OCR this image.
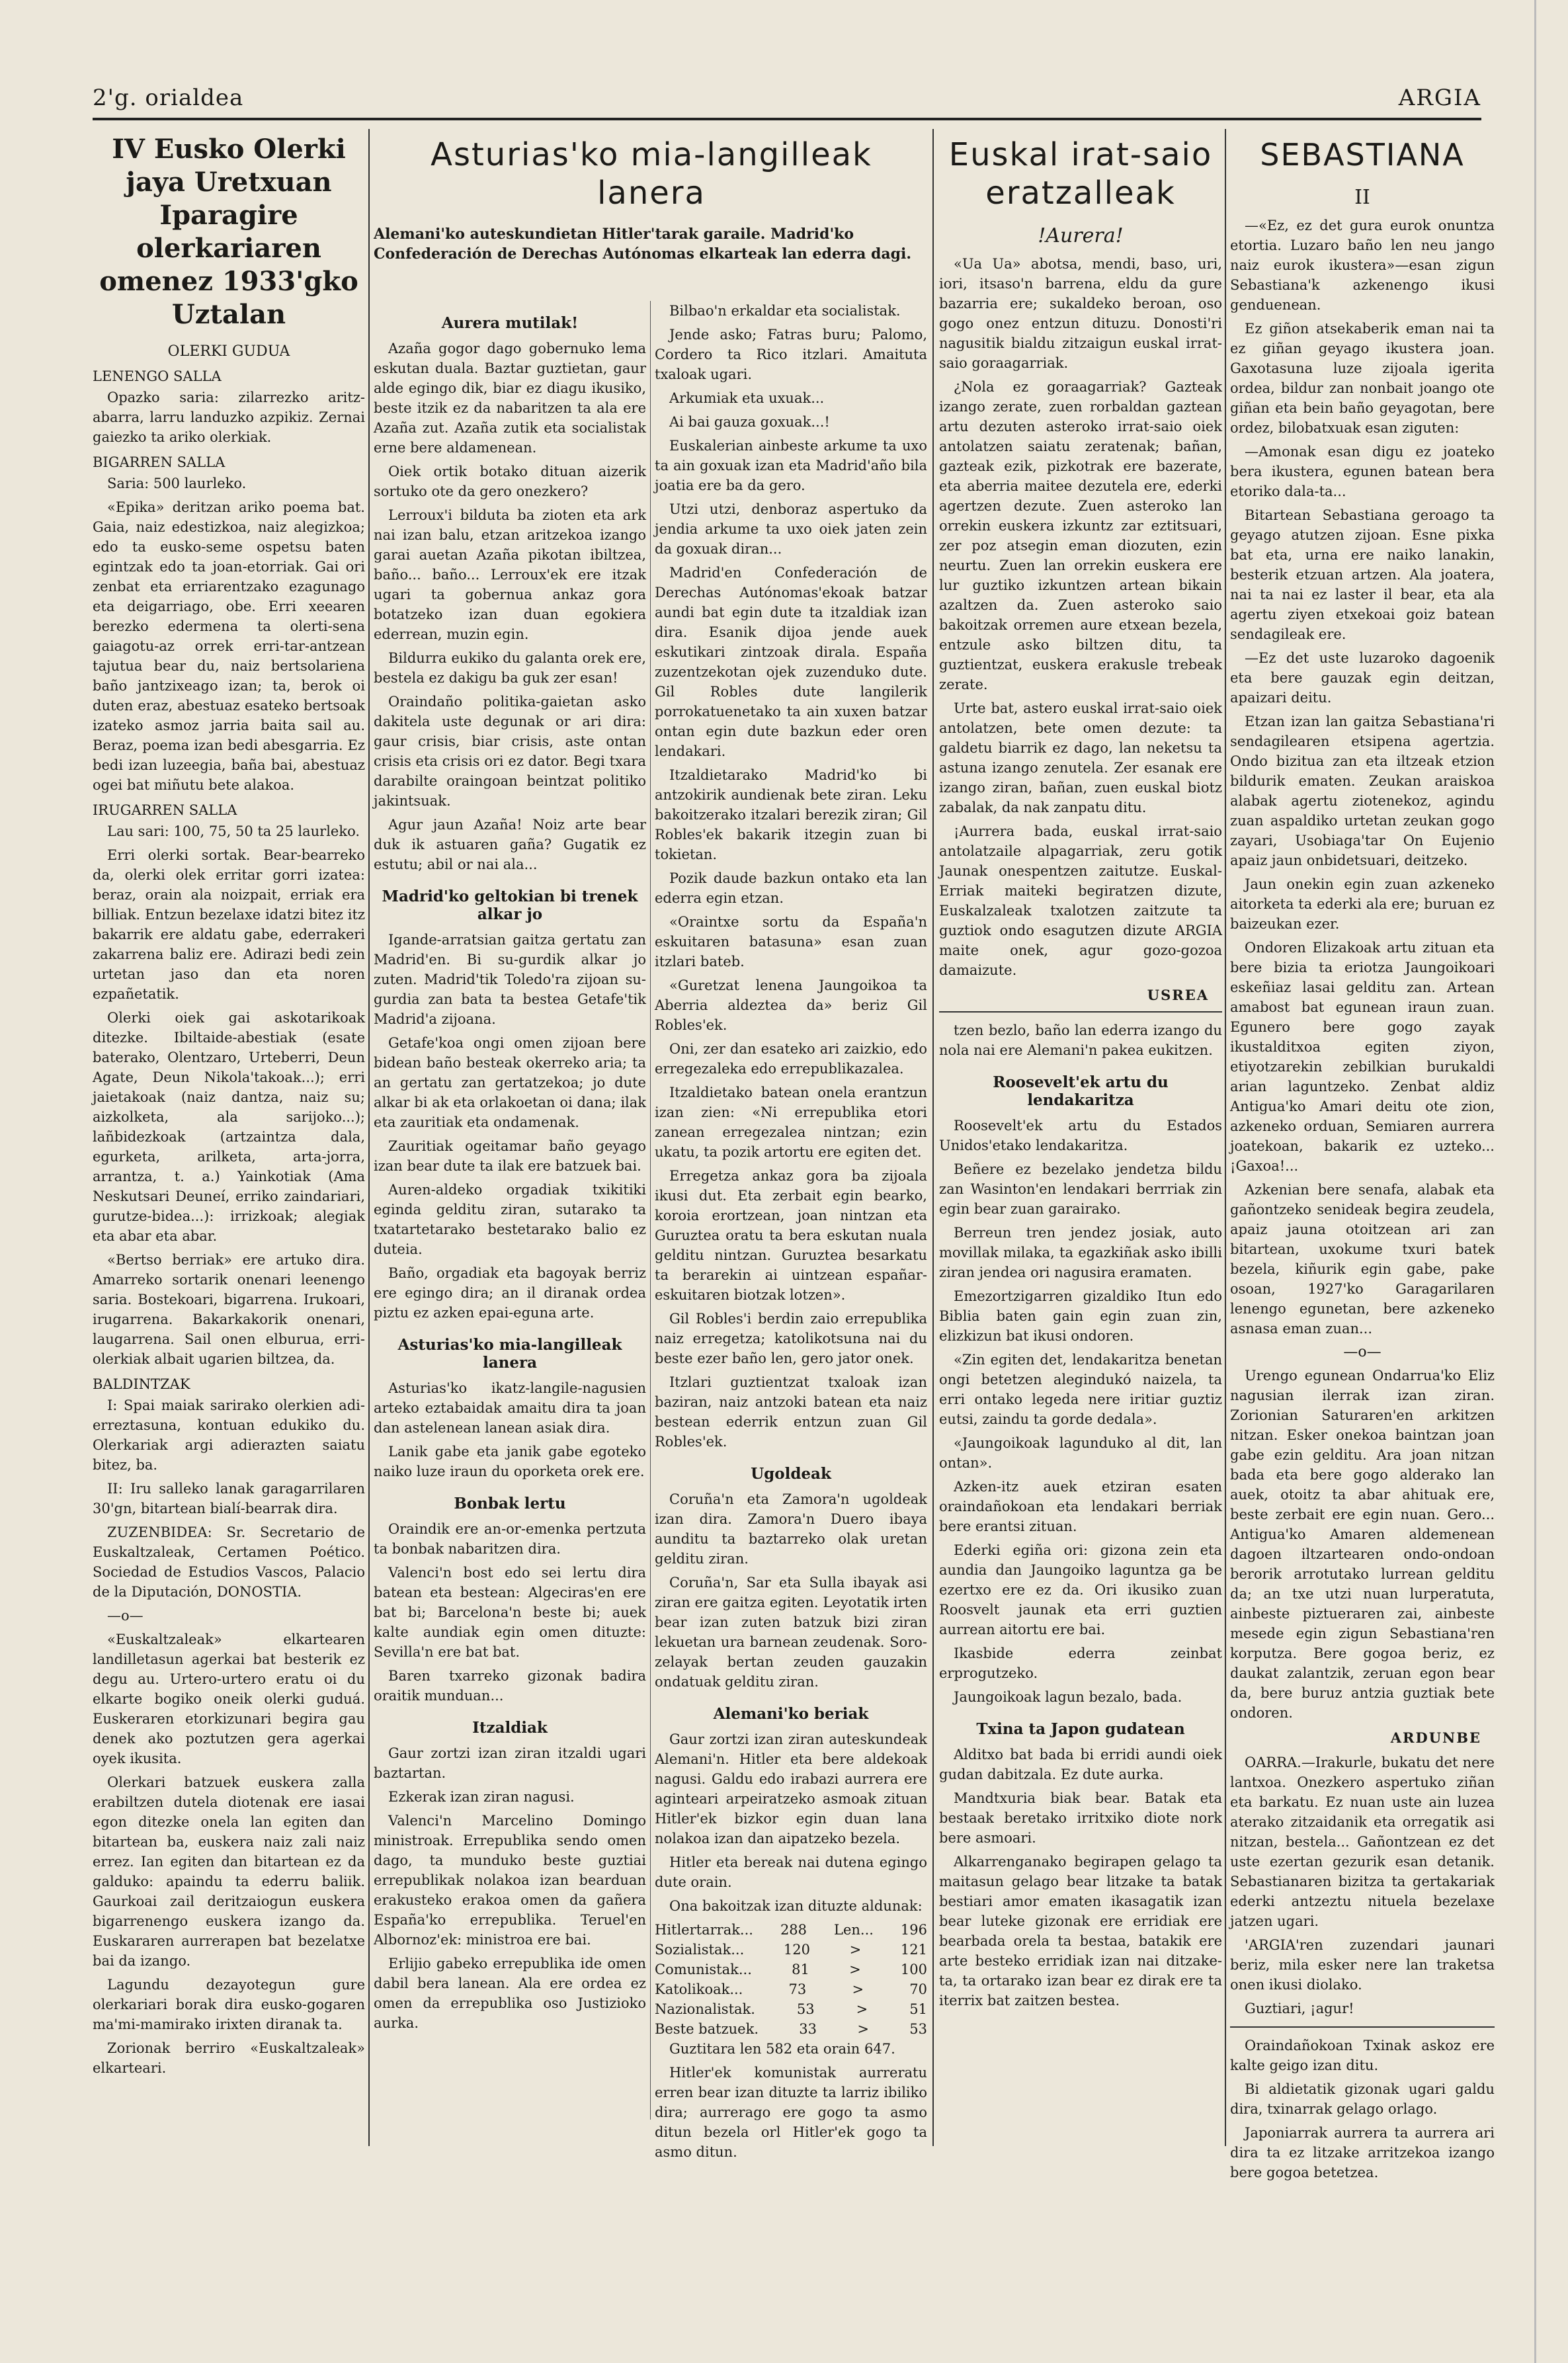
2'g. orialdea	ARGIA
IV Eusko Olerki jaya Uretxuan Iparagire olerkariaren omenez 1933'gko Uztalan
OLERKI GUDUA
LENENGO SALLA
Opazko saria: zilarrezko aritz-abarra, larru landuzko azpikiz. Zernai gaiezko ta ariko olerkiak.
BIGARREN SALLA
Saria: 500 laurleko.
«Epika» deritzan ariko poema bat. Gaia, naiz edestizkoa, naiz alegizkoa; edo ta eusko-seme ospetsu baten egintzak edo ta joan-etorriak. Gai ori zenbat eta erriarentzako ezagunago eta deigarriago, obe. Erri xeearen berezko edermena ta olerti-sena gaiagotu-az orrek erri-tar-antzean tajutua bear du, naiz bertsolariena baño jantzixeago izan; ta, berok oi duten eraz, abestuaz esateko bertsoak izateko asmoz jarria baita sail au. Beraz, poema izan bedi abesgarria. Ez bedi izan luzeegia, baña bai, abestuaz ogei bat miñutu bete alakoa.
IRUGARREN SALLA
Lau sari: 100, 75, 50 ta 25 laurleko.
Erri olerki sortak. Bear-bearreko da, olerki olek erritar gorri izatea: beraz, orain ala noizpait, erriak era billiak. Entzun bezelaxe idatzi bitez itz bakarrik ere aldatu gabe, ederrakeri zakarrena baliz ere. Adirazi bedi zein urtetan jaso dan eta noren ezpañetatik.
Olerki oiek gai askotarikoak ditezke. Ibiltaide-abestiak (esate baterako, Olentzaro, Urteberri, Deun Agate, Deun Nikola'takoak...); erri jaietakoak (naiz dantza, naiz su; aizkolketa, ala sarijoko...); lañbidezkoak (artzaintza dala, egurketa, arilketa, arta-jorra, arrantza, t. a.) Yainkotiak (Ama Neskutsari Deuneí, erriko zaindariari, gurutze-bidea...): irrizkoak; alegiak eta abar eta abar.
«Bertso berriak» ere artuko dira. Amarreko sortarik onenari leenengo saria. Bostekoari, bigarrena. Irukoari, irugarrena. Bakarkakorik onenari, laugarrena. Sail onen elburua, erri-olerkiak albait ugarien biltzea, da.
BALDINTZAK
I: Spai maiak sarirako olerkien adi-erreztasuna, kontuan edukiko du. Olerkariak argi adierazten saiatu bitez, ba.
II: Iru salleko lanak garagarrilaren 30'gn, bitartean bialí-bearrak dira.
ZUZENBIDEA: Sr. Secretario de Euskaltzaleak, Certamen Poético. Sociedad de Estudios Vascos, Palacio de la Diputación, DONOSTIA.
—o—
«Euskaltzaleak» elkartearen landilletasun agerkai bat besterik ez degu au. Urtero-urtero eratu oi du elkarte bogiko oneik olerki guduá. Euskeraren etorkizunari begira gau denek ako poztutzen gera agerkai oyek ikusita.
Olerkari batzuek euskera zalla erabiltzen dutela diotenak ere iasai egon ditezke onela lan egiten dan bitartean ba, euskera naiz zali naiz errez. Ian egiten dan bitartean ez da galduko: apaindu ta ederru baliik. Gaurkoai zail deritzaiogun euskera bigarrenengo euskera izango da. Euskararen aurrerapen bat bezelatxe bai da izango.
Lagundu dezayotegun gure olerkariari borak dira eusko-gogaren ma'mi-mamirako irixten diranak ta.
Zorionak berriro «Euskaltzaleak» elkarteari.
Asturias'ko mia-langilleak lanera
Alemani'ko auteskundietan Hitler'tarak garaile. Madrid'ko Confederación de Derechas Autónomas elkarteak lan ederra dagi.
Aurera mutilak!
Azaña gogor dago gobernuko lema eskutan duala. Baztar guztietan, gaur alde egingo dik, biar ez diagu ikusiko, beste itzik ez da nabaritzen ta ala ere Azaña zut. Azaña zutik eta socialistak erne bere aldamenean.
Oiek ortik botako dituan aizerik sortuko ote da gero onezkero?
Lerroux'i bilduta ba zioten eta ark nai izan balu, etzan aritzekoa izango garai auetan Azaña pikotan ibiltzea, baño... baño... Lerroux'ek ere itzak ugari ta gobernua ankaz gora botatzeko izan duan egokiera ederrean, muzin egin.
Bildurra eukiko du galanta orek ere, bestela ez dakigu ba guk zer esan!
Oraindaño politika-gaietan asko dakitela uste degunak or ari dira: gaur crisis, biar crisis, aste ontan crisis eta crisis ori ez dator. Begi txara darabilte oraingoan beintzat politiko jakintsuak.
Agur jaun Azaña! Noiz arte bear duk ik astuaren gaña? Gugatik ez estutu; abil or nai ala...
Madrid'ko geltokian bi trenek alkar jo
Igande-arratsian gaitza gertatu zan Madrid'en. Bi su-gurdik alkar jo zuten. Madrid'tik Toledo'ra zijoan su-gurdia zan bata ta bestea Getafe'tik Madrid'a zijoana.
Getafe'koa ongi omen zijoan bere bidean baño besteak okerreko aria; ta an gertatu zan gertatzekoa; jo dute alkar bi ak eta orlakoetan oi dana; ilak eta zauritiak eta ondamenak.
Zauritiak ogeitamar baño geyago izan bear dute ta ilak ere batzuek bai.
Auren-aldeko orgadiak txikitiki eginda gelditu ziran, sutarako ta txatartetarako bestetarako balio ez duteia.
Baño, orgadiak eta bagoyak berriz ere egingo dira; an il diranak ordea piztu ez azken epai-eguna arte.
Asturias'ko mia-langilleak lanera
Asturias'ko ikatz-langile-nagusien arteko eztabaidak amaitu dira ta joan dan astelenean lanean asiak dira.
Lanik gabe eta janik gabe egoteko naiko luze iraun du oporketa orek ere.
Bonbak lertu
Oraindik ere an-or-emenka pertzuta ta bonbak nabaritzen dira.
Valenci'n bost edo sei lertu dira batean eta bestean: Algeciras'en ere bat bi; Barcelona'n beste bi; auek kalte aundiak egin omen dituzte: Sevilla'n ere bat bat.
Baren txarreko gizonak badira oraitik munduan...
Itzaldiak
Gaur zortzi izan ziran itzaldi ugari baztartan.
Ezkerak izan ziran nagusi.
Valenci'n Marcelino Domingo ministroak. Errepublika sendo omen dago, ta munduko beste guztiai errepublikak nolakoa izan bearduan erakusteko erakoa omen da gañera España'ko errepublika. Teruel'en Albornoz'ek: ministroa ere bai.
Erlijio gabeko errepublika ide omen dabil bera lanean. Ala ere ordea ez omen da errepublika oso Justizioko aurka.
Bilbao'n erkaldar eta socialistak.
Jende asko; Fatras buru; Palomo, Cordero ta Rico itzlari. Amaituta txaloak ugari.
Arkumiak eta uxuak...
Ai bai gauza goxuak...!
Euskalerian ainbeste arkume ta uxo ta ain goxuak izan eta Madrid'año bila joatia ere ba da gero.
Utzi utzi, denboraz aspertuko da jendia arkume ta uxo oiek jaten zein da goxuak diran...
Madrid'en Confederación de Derechas Autónomas'ekoak batzar aundi bat egin dute ta itzaldiak izan dira. Esanik dijoa jende auek eskutikari zintzoak dirala. España zuzentzekotan ojek zuzenduko dute. Gil Robles dute langilerik porrokatuenetako ta ain xuxen batzar ontan egin dute bazkun eder oren lendakari.
Itzaldietarako Madrid'ko bi antzokirik aundienak bete ziran. Leku bakoitzerako itzalari berezik ziran; Gil Robles'ek bakarik itzegin zuan bi tokietan.
Pozik daude bazkun ontako eta lan ederra egin etzan.
«Oraintxe sortu da España'n eskuitaren batasuna» esan zuan itzlari bateb.
«Guretzat lenena Jaungoikoa ta Aberria aldeztea da» beriz Gil Robles'ek.
Oni, zer dan esateko ari zaizkio, edo erregezaleka edo errepublikazalea.
Itzaldietako batean onela erantzun izan zien: «Ni errepublika etori zanean erregezalea nintzan; ezin ukatu, ta pozik artortu ere egiten det.
Erregetza ankaz gora ba zijoala ikusi dut. Eta zerbait egin bearko, koroia erortzean, joan nintzan eta Guruztea oratu ta bera eskutan nuala gelditu nintzan. Guruztea besarkatu ta berarekin ai uintzean españar-eskuitaren biotzak lotzen».
Gil Robles'i berdin zaio errepublika naiz erregetza; katolikotsuna nai du beste ezer baño len, gero jator onek.
Itzlari guztientzat txaloak izan baziran, naiz antzoki batean eta naiz bestean ederrik entzun zuan Gil Robles'ek.
Ugoldeak
Coruña'n eta Zamora'n ugoldeak izan dira. Zamora'n Duero ibaya aunditu ta baztarreko olak uretan gelditu ziran.
Coruña'n, Sar eta Sulla ibayak asi ziran ere gaitza egiten. Leyotatik irten bear izan zuten batzuk bizi ziran lekuetan ura barnean zeudenak. Soro-zelayak bertan zeuden gauzakin ondatuak gelditu ziran.
Alemani'ko beriak
Gaur zortzi izan ziran auteskundeak Alemani'n. Hitler eta bere aldekoak nagusi. Galdu edo irabazi aurrera ere aginteari arpeiratzeko asmoak zituan Hitler'ek bizkor egin duan lana nolakoa izan dan aipatzeko bezela.
Hitler eta bereak nai dutena egingo dute orain.
Ona bakoitzak izan dituzte aldunak:
Hitlertarrak... 288 Len... 196
Sozialistak...	120	>	121
Comunistak...	81	>	100
Katolikoak...	73	>	70
Nazionalistak.	53	>	51
Beste batzuek.	33	>	53
Guztitara len 582 eta orain 647.
Hitler'ek komunistak aurreratu erren bear izan dituzte ta larriz ibiliko dira; aurrerago ere gogo ta asmo ditun bezela orl Hitler'ek gogo ta asmo ditun.
Euskal irat-saio eratzalleak
!Aurera!
«Ua Ua» abotsa, mendi, baso, uri, iori, itsaso'n barrena, eldu da gure bazarria ere; sukaldeko beroan, oso gogo onez entzun dituzu. Donosti'ri nagusitik bialdu zitzaigun euskal irrat-saio goraagarriak.
¿Nola ez goraagarriak? Gazteak izango zerate, zuen rorbaldan gaztean artu dezuten asteroko irrat-saio oiek antolatzen saiatu zeratenak; bañan, gazteak ezik, pizkotrak ere bazerate, eta aberria maitee dezutela ere, ederki agertzen dezute. Zuen asteroko lan orrekin euskera izkuntz zar eztitsuari, zer poz atsegin eman diozuten, ezin neurtu. Zuen lan orrekin euskera ere lur guztiko izkuntzen artean bikain azaltzen da. Zuen asteroko saio bakoitzak orremen aure etxean bezela, entzule asko biltzen ditu, ta guztientzat, euskera erakusle trebeak zerate.
Urte bat, astero euskal irrat-saio oiek antolatzen, bete omen dezute: ta galdetu biarrik ez dago, lan neketsu ta astuna izango zenutela. Zer esanak ere izango ziran, bañan, zuen euskal biotz zabalak, da nak zanpatu ditu.
¡Aurrera bada, euskal irrat-saio antolatzaile alpagarriak, zeru gotik Jaunak onespentzen zaitutze. Euskal-Erriak maiteki begiratzen dizute, Euskalzaleak txalotzen zaitzute ta guztiok ondo esagutzen dizute ARGIA maite onek, agur gozo-gozoa damaizute.
USREA
tzen bezlo, baño lan ederra izango du nola nai ere Alemani'n pakea eukitzen.
Roosevelt'ek artu du lendakaritza
Roosevelt'ek artu du Estados Unidos'etako lendakaritza.
Beñere ez bezelako jendetza bildu zan Wasinton'en lendakari berrriak zin egin bear zuan garairako.
Berreun tren jendez josiak, auto movillak milaka, ta egazkiñak asko ibilli ziran jendea ori nagusira eramaten.
Emezortzigarren gizaldiko Itun edo Biblia baten gain egin zuan zin, elizkizun bat ikusi ondoren.
«Zin egiten det, lendakaritza benetan ongi betetzen alegindukó naizela, ta erri ontako legeda nere iritiar guztiz eutsi, zaindu ta gorde dedala».
«Jaungoikoak lagunduko al dit, lan ontan».
Azken-itz auek etziran esaten oraindañokoan eta lendakari berriak bere erantsi zituan.
Ederki egiña ori: gizona zein eta aundia dan Jaungoiko laguntza ga be ezertxo ere ez da. Ori ikusiko zuan Roosvelt jaunak eta erri guztien aurrean aitortu ere bai.
Ikasbide ederra zeinbat erprogutzeko.
Jaungoikoak lagun bezalo, bada.
Txina ta Japon gudatean
Alditxo bat bada bi erridi aundi oiek gudan dabitzala. Ez dute aurka.
Mandtxuria biak bear. Batak eta bestaak beretako irritxiko diote nork bere asmoari.
Alkarrenganako begirapen gelago ta maitasun gelago bear litzake ta batak bestiari amor ematen ikasagatik izan bear luteke gizonak ere erridiak ere bearbada orela ta bestaa, batakik ere arte besteko erridiak izan nai ditzake-ta, ta ortarako izan bear ez dirak ere ta iterrix bat zaitzen bestea.
SEBASTIANA
II
—«Ez, ez det gura eurok onuntza etortia. Luzaro baño len neu jango naiz eurok ikustera»—esan zigun Sebastiana'k azkenengo ikusi genduenean.
Ez giñon atsekaberik eman nai ta ez giñan geyago ikustera joan. Gaxotasuna luze zijoala igerita ordea, bildur zan nonbait joango ote giñan eta bein baño geyagotan, bere ordez, bilobatxuak esan ziguten:
—Amonak esan digu ez joateko bera ikustera, egunen batean bera etoriko dala-ta...
Bitartean Sebastiana geroago ta geyago atutzen zijoan. Esne pixka bat eta, urna ere naiko lanakin, besterik etzuan artzen. Ala joatera, nai ta nai ez laster il bear, eta ala agertu ziyen etxekoai goiz batean sendagileak ere.
—Ez det uste luzaroko dagoenik eta bere gauzak egin deitzan, apaizari deitu.
Etzan izan lan gaitza Sebastiana'ri sendagilearen etsipena agertzia. Ondo bizitua zan eta iltzeak etzion bildurik ematen. Zeukan araiskoa alabak agertu ziotenekoz, agindu zuan aspaldiko urtetan zeukan gogo zayari, Usobiaga'tar On Eujenio apaiz jaun onbidetsuari, deitzeko.
Jaun onekin egin zuan azkeneko aitorketa ta ederki ala ere; buruan ez baizeukan ezer.
Ondoren Elizakoak artu zituan eta bere bizia ta eriotza Jaungoikoari eskeñiaz lasai gelditu zan. Artean amabost bat egunean iraun zuan. Egunero bere gogo zayak ikustalditxoa egiten ziyon, etiyotzarekin zebilkian burukaldi arian laguntzeko. Zenbat aldiz Antigua'ko Amari deitu ote zion, azkeneko orduan, Semiaren aurrera joatekoan, bakarik ez uzteko... ¡Gaxoa!...
Azkenian bere senafa, alabak eta gañontzeko senideak begira zeudela, apaiz jauna otoitzean ari zan bitartean, uxokume txuri batek bezela, kiñurik egin gabe, pake osoan, 1927'ko Garagarilaren lenengo egunetan, bere azkeneko asnasa eman zuan...
—o—
Urengo egunean Ondarrua'ko Eliz nagusian ilerrak izan ziran. Zorionian Saturaren'en arkitzen nitzan. Esker onekoa baintzan joan gabe ezin gelditu. Ara joan nitzan bada eta bere gogo alderako lan auek, otoitz ta abar ahituak ere, beste zerbait ere egin nuan. Gero... Antigua'ko Amaren aldemenean dagoen iltzartearen ondo-ondoan berorik arrotutako lurrean gelditu da; an txe utzi nuan lurperatuta, ainbeste piztueraren zai, ainbeste mesede egin zigun Sebastiana'ren korputza. Bere gogoa beriz, ez daukat zalantzik, zeruan egon bear da, bere buruz antzia guztiak bete ondoren.
ARDUNBE
OARRA.—Irakurle, bukatu det nere lantxoa. Onezkero aspertuko ziñan eta barkatu. Ez nuan uste ain luzea aterako zitzaidanik eta orregatik asi nitzan, bestela... Gañontzean ez det uste ezertan gezurik esan detanik. Sebastianaren bizitza ta gertakariak ederki antzeztu nituela bezelaxe jatzen ugari.
'ARGIA'ren zuzendari jaunari beriz, mila esker nere lan traketsa onen ikusi diolako.
Guztiari, ¡agur!
Oraindañokoan Txinak askoz ere kalte geigo izan ditu.
Bi aldietatik gizonak ugari galdu dira, txinarrak gelago orlago.
Japoniarrak aurrera ta aurrera ari dira ta ez litzake arritzekoa izango bere gogoa betetzea.
